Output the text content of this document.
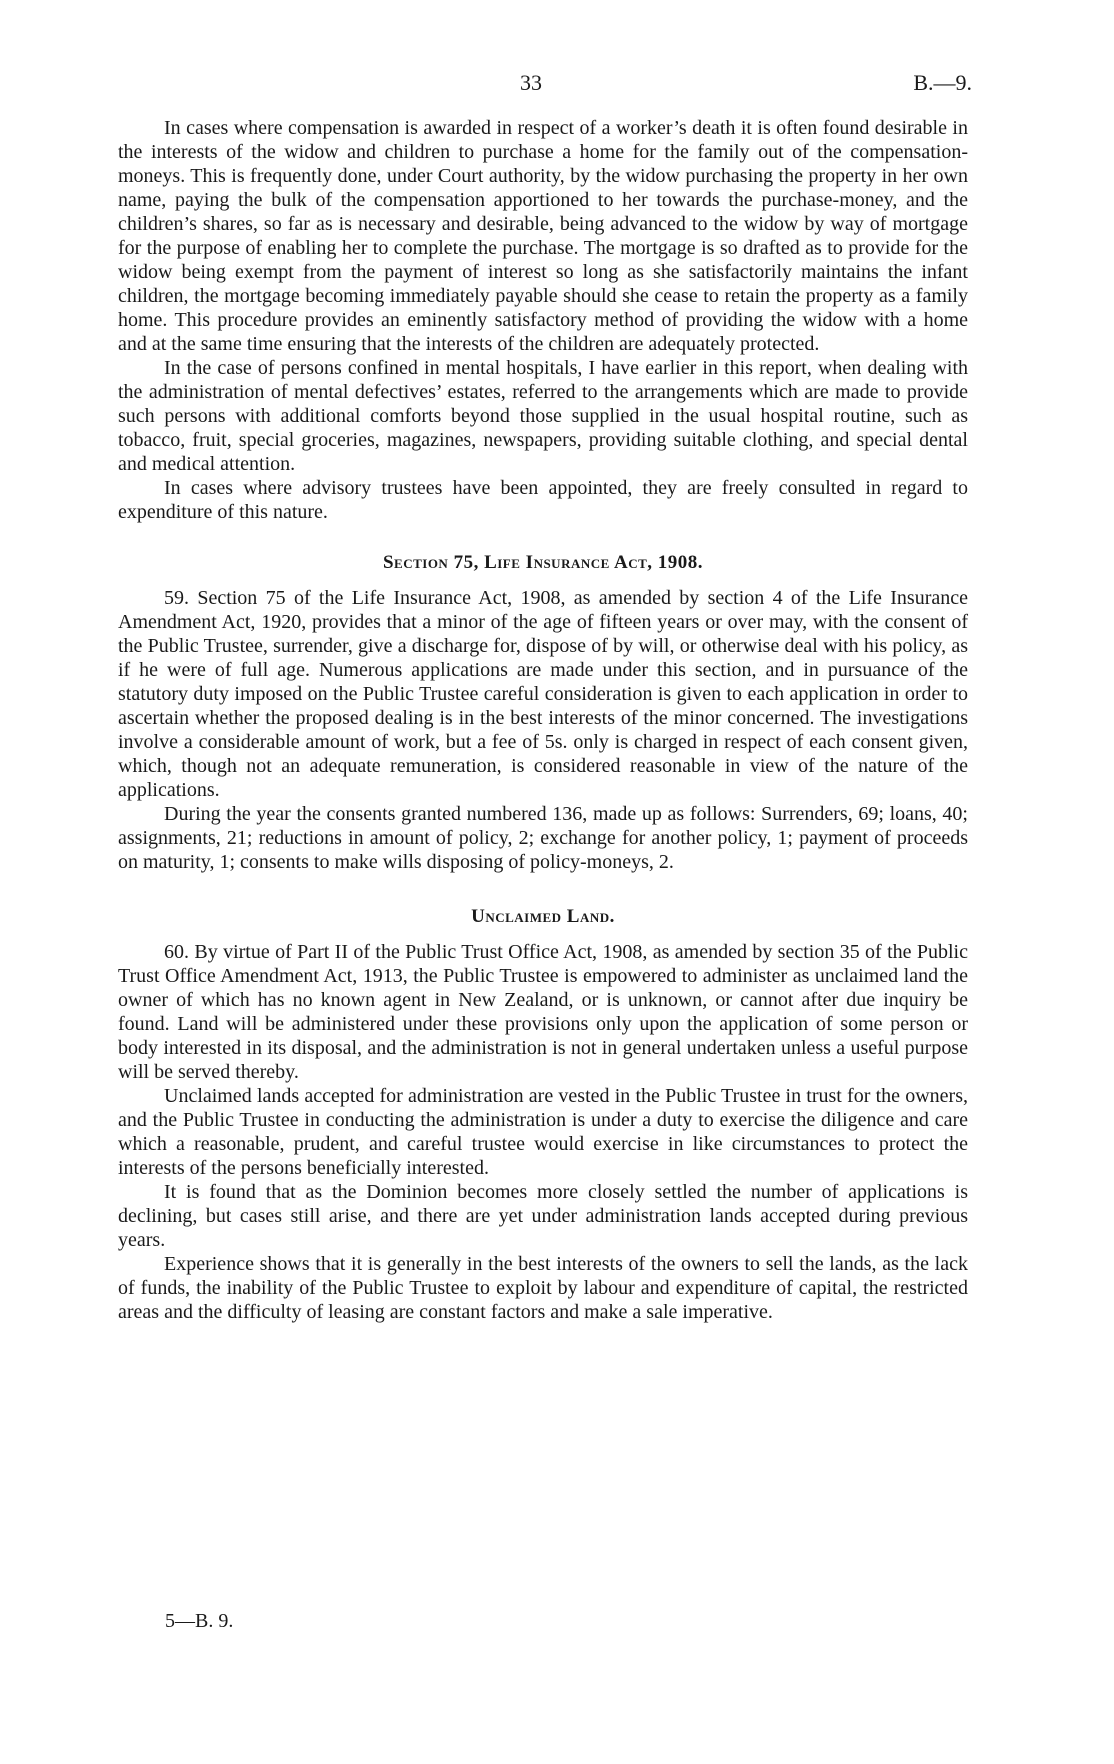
33	B.—9.

In cases where compensation is awarded in respect of a worker’s death it is often found desirable in the interests of the widow and children to purchase a home for the family out of the compensation-moneys. This is frequently done, under Court authority, by the widow purchasing the property in her own name, paying the bulk of the compensation apportioned to her towards the purchase-money, and the children’s shares, so far as is necessary and desirable, being advanced to the widow by way of mortgage for the purpose of enabling her to complete the purchase. The mortgage is so drafted as to provide for the widow being exempt from the payment of interest so long as she satisfactorily maintains the infant children, the mortgage becoming immediately payable should she cease to retain the property as a family home. This procedure provides an eminently satisfactory method of providing the widow with a home and at the same time ensuring that the interests of the children are adequately protected.

In the case of persons confined in mental hospitals, I have earlier in this report, when dealing with the administration of mental defectives’ estates, referred to the arrangements which are made to provide such persons with additional comforts beyond those supplied in the usual hospital routine, such as tobacco, fruit, special groceries, magazines, newspapers, providing suitable clothing, and special dental and medical attention.

In cases where advisory trustees have been appointed, they are freely consulted in regard to expenditure of this nature.

Section 75, Life Insurance Act, 1908.

59. Section 75 of the Life Insurance Act, 1908, as amended by section 4 of the Life Insurance Amendment Act, 1920, provides that a minor of the age of fifteen years or over may, with the consent of the Public Trustee, surrender, give a discharge for, dispose of by will, or otherwise deal with his policy, as if he were of full age. Numerous applications are made under this section, and in pursuance of the statutory duty imposed on the Public Trustee careful consideration is given to each application in order to ascertain whether the proposed dealing is in the best interests of the minor concerned. The investigations involve a considerable amount of work, but a fee of 5s. only is charged in respect of each consent given, which, though not an adequate remuneration, is considered reasonable in view of the nature of the applications.

During the year the consents granted numbered 136, made up as follows: Surrenders, 69; loans, 40; assignments, 21; reductions in amount of policy, 2; exchange for another policy, 1; payment of proceeds on maturity, 1; consents to make wills disposing of policy-moneys, 2.

Unclaimed Land.

60. By virtue of Part II of the Public Trust Office Act, 1908, as amended by section 35 of the Public Trust Office Amendment Act, 1913, the Public Trustee is empowered to administer as unclaimed land the owner of which has no known agent in New Zealand, or is unknown, or cannot after due inquiry be found. Land will be administered under these provisions only upon the application of some person or body interested in its disposal, and the administration is not in general undertaken unless a useful purpose will be served thereby.

Unclaimed lands accepted for administration are vested in the Public Trustee in trust for the owners, and the Public Trustee in conducting the administration is under a duty to exercise the diligence and care which a reasonable, prudent, and careful trustee would exercise in like circumstances to protect the interests of the persons beneficially interested.

It is found that as the Dominion becomes more closely settled the number of applications is declining, but cases still arise, and there are yet under administration lands accepted during previous years.

Experience shows that it is generally in the best interests of the owners to sell the lands, as the lack of funds, the inability of the Public Trustee to exploit by labour and expenditure of capital, the restricted areas and the difficulty of leasing are constant factors and make a sale imperative.

5—B. 9.
